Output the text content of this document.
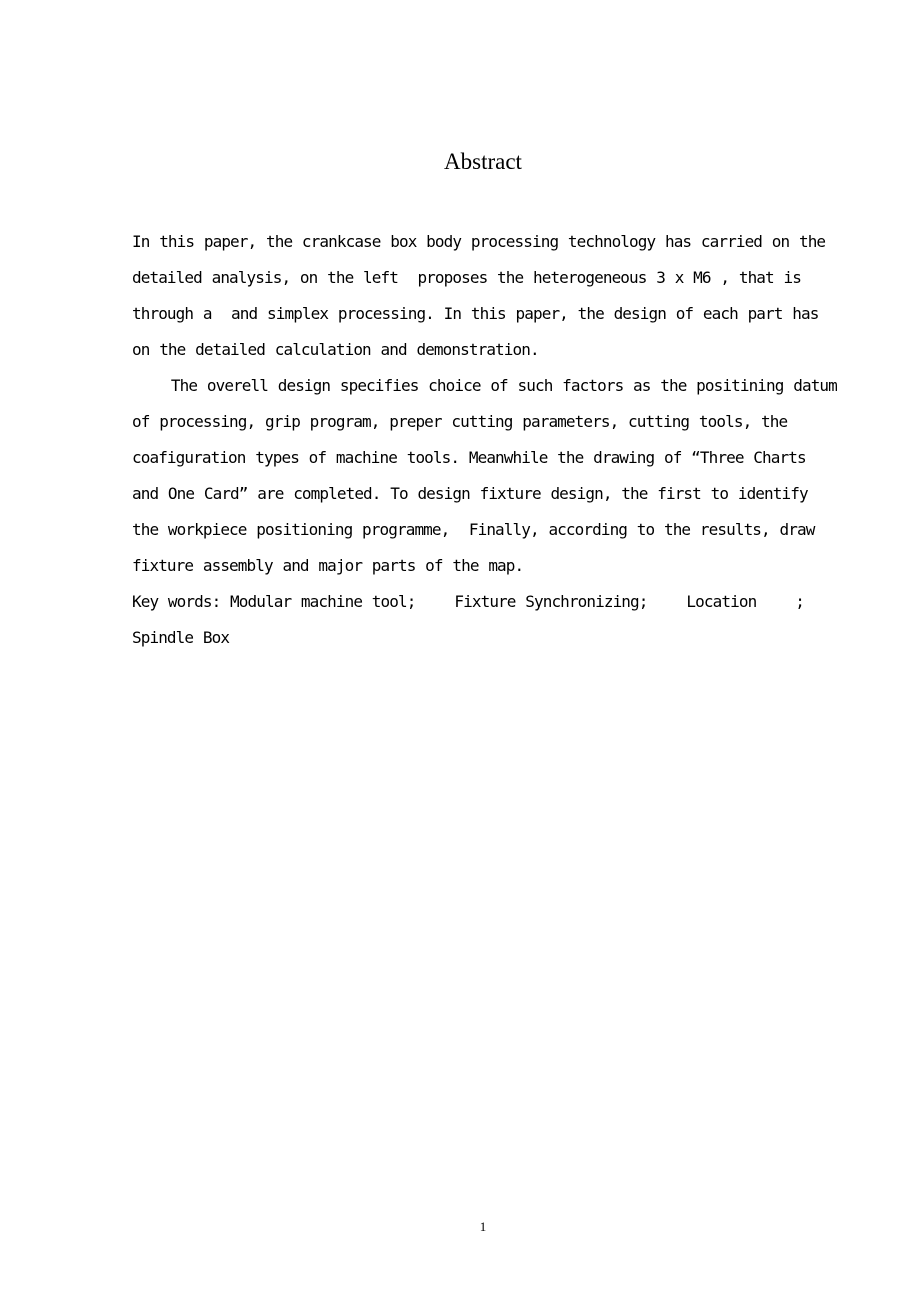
Abstract
In this paper, the crankcase box body processing technology has carried on the
detailed analysis, on the left  proposes the heterogeneous 3 x M6 , that is
through a  and simplex processing. In this paper, the design of each part has
on the detailed calculation and demonstration.
The overell design specifies choice of such factors as the positining datum
of processing, grip program, preper cutting parameters, cutting tools, the
coafiguration types of machine tools. Meanwhile the drawing of “Three Charts
and One Card” are completed. To design fixture design, the first to identify
the workpiece positioning programme,  Finally, according to the results, draw
fixture assembly and major parts of the map.
Key words: Modular machine tool;    Fixture Synchronizing;    Location    ;
Spindle Box
1
